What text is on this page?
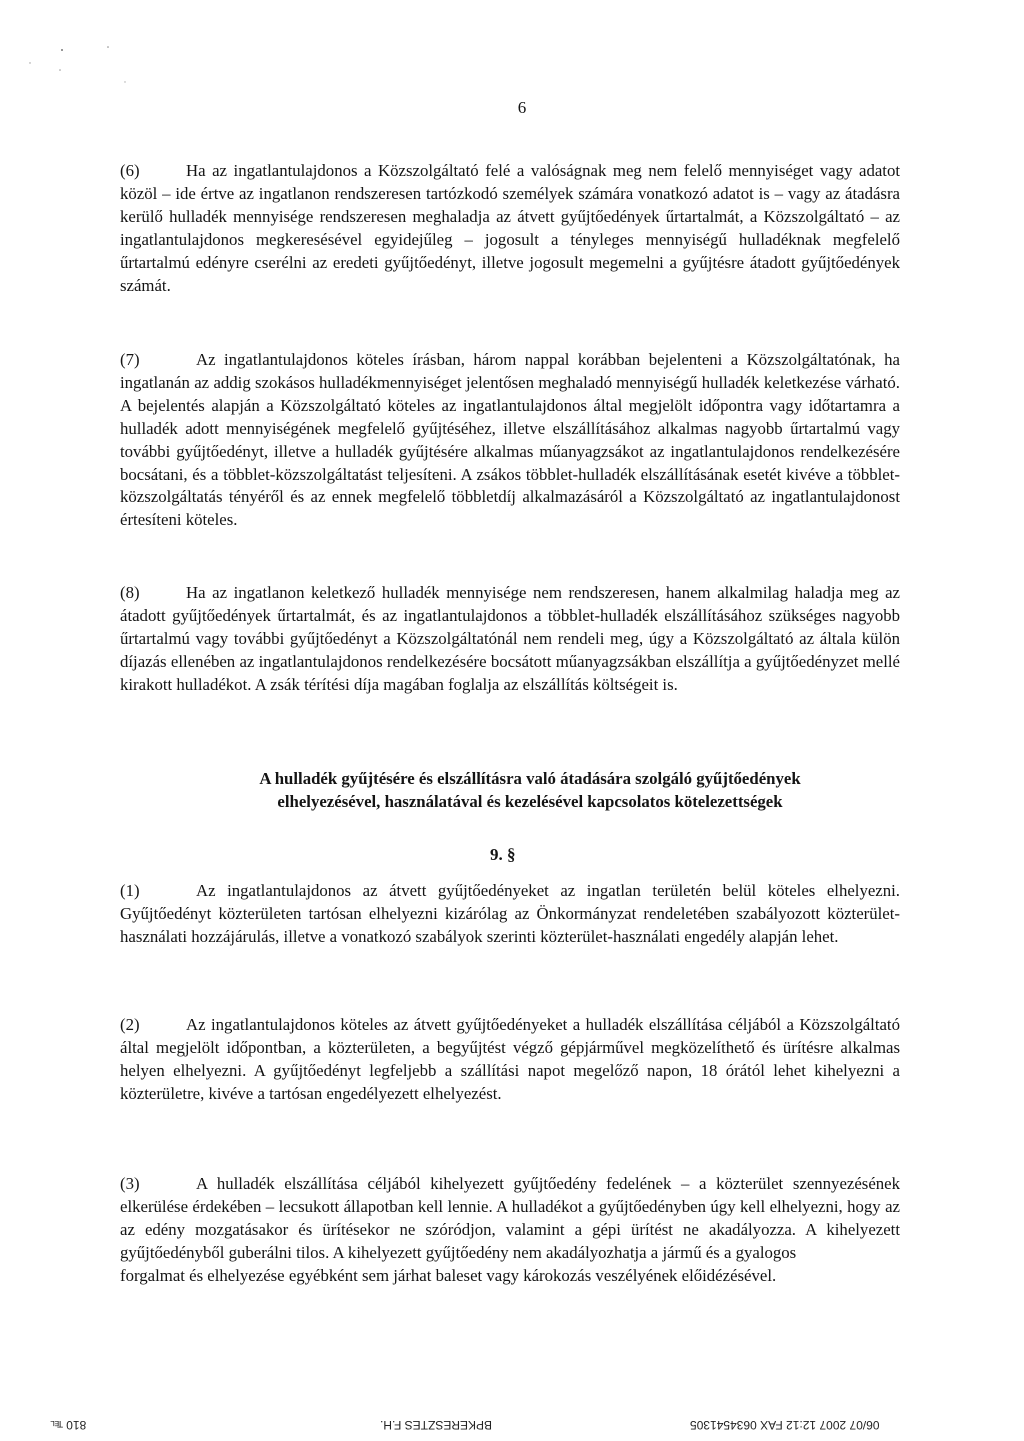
6

(6)	Ha az ingatlantulajdonos a Közszolgáltató felé a valóságnak meg nem felelő mennyiséget vagy adatot közöl – ide értve az ingatlanon rendszeresen tartózkodó személyek számára vonatkozó adatot is – vagy az átadásra kerülő hulladék mennyisége rendszeresen meghaladja az átvett gyűjtőedények űrtartalmát, a Közszolgáltató – az ingatlantulajdonos megkeresésével egyidejűleg – jogosult a tényleges mennyiségű hulladéknak megfelelő űrtartalmú edényre cserélni az eredeti gyűjtőedényt, illetve jogosult megemelni a gyűjtésre átadott gyűjtőedények számát.

(7)	Az ingatlantulajdonos köteles írásban, három nappal korábban bejelenteni a Közszolgáltatónak, ha ingatlanán az addig szokásos hulladékmennyiséget jelentősen meghaladó mennyiségű hulladék keletkezése várható. A bejelentés alapján a Közszolgáltató köteles az ingatlantulajdonos által megjelölt időpontra vagy időtartamra a hulladék adott mennyiségének megfelelő gyűjtéséhez, illetve elszállításához alkalmas nagyobb űrtartalmú vagy további gyűjtőedényt, illetve a hulladék gyűjtésére alkalmas műanyagzsákot az ingatlantulajdonos rendelkezésére bocsátani, és a többlet-közszolgáltatást teljesíteni. A zsákos többlet-hulladék elszállításának esetét kivéve a többlet-közszolgáltatás tényéről és az ennek megfelelő többletdíj alkalmazásáról a Közszolgáltató az ingatlantulajdonost értesíteni köteles.

(8)	Ha az ingatlanon keletkező hulladék mennyisége nem rendszeresen, hanem alkalmilag haladja meg az átadott gyűjtőedények űrtartalmát, és az ingatlantulajdonos a többlet-hulladék elszállításához szükséges nagyobb űrtartalmú vagy további gyűjtőedényt a Közszolgáltatónál nem rendeli meg, úgy a Közszolgáltató az általa külön díjazás ellenében az ingatlantulajdonos rendelkezésére bocsátott műanyagzsákban elszállítja a gyűjtőedényzet mellé kirakott hulladékot. A zsák térítési díja magában foglalja az elszállítás költségeit is.

A hulladék gyűjtésére és elszállításra való átadására szolgáló gyűjtőedények
elhelyezésével, használatával és kezelésével kapcsolatos kötelezettségek
9. §

(1)	Az ingatlantulajdonos az átvett gyűjtőedényeket az ingatlan területén belül köteles elhelyezni. Gyűjtőedényt közterületen tartósan elhelyezni kizárólag az Önkormányzat rendeletében szabályozott közterület-használati hozzájárulás, illetve a vonatkozó szabályok szerinti közterület-használati engedély alapján lehet.

(2)	Az ingatlantulajdonos köteles az átvett gyűjtőedényeket a hulladék elszállítása céljából a Közszolgáltató által megjelölt időpontban, a közterületen, a begyűjtést végző gépjárművel megközelíthető és ürítésre alkalmas helyen elhelyezni. A gyűjtőedényt legfeljebb a szállítási napot megelőző napon, 18 órától lehet kihelyezni a közterületre, kivéve a tartósan engedélyezett elhelyezést.

(3)	A hulladék elszállítása céljából kihelyezett gyűjtőedény fedelének – a közterület szennyezésének elkerülése érdekében – lecsukott állapotban kell lennie. A hulladékot a gyűjtőedényben úgy kell elhelyezni, hogy az az edény mozgatásakor és ürítésekor ne szóródjon, valamint a gépi ürítést ne akadályozza. A kihelyezett gyűjtőedényből guberálni tilos. A kihelyezett gyűjtőedény nem akadályozhatja a jármű és a gyalogos
forgalmat és elhelyezése egyébként sem járhat baleset vagy károkozás veszélyének előidézésével.

810 ℡	BPKERESZTES F.H.	06/07 2007 12:12 FAX 0634541305
